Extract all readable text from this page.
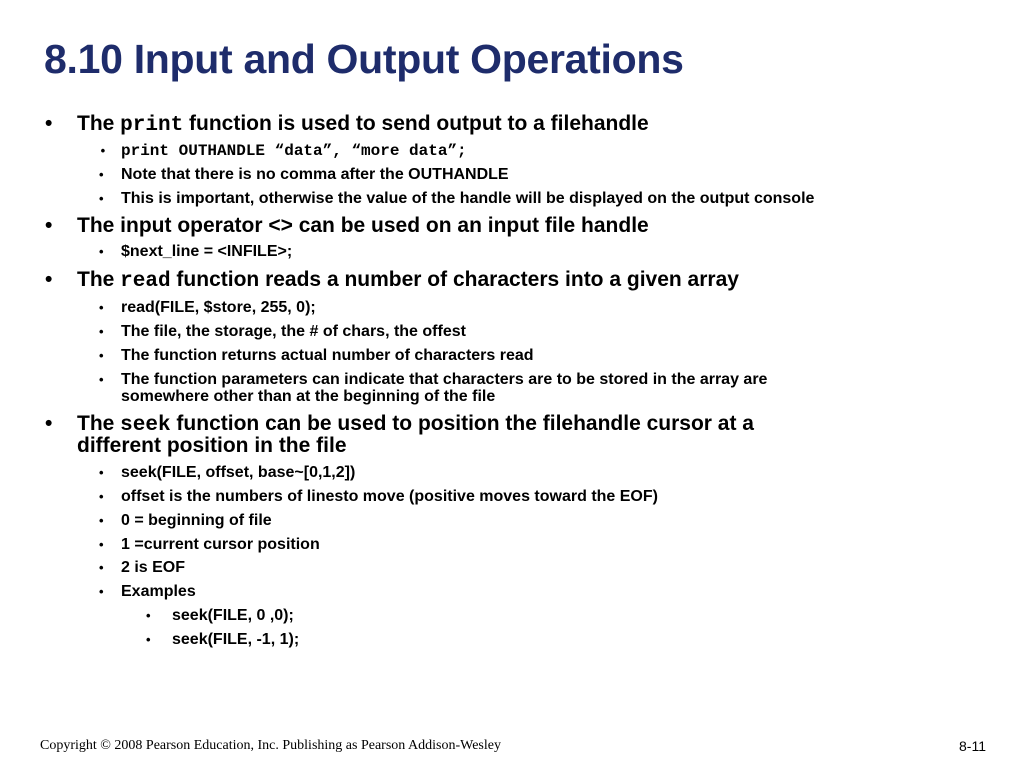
8.10 Input and Output Operations
• The print function is used to send output to a filehandle
• print OUTHANDLE “data”, “more data”;
• Note that there is no comma after the OUTHANDLE
• This is important, otherwise the value of the handle will be displayed on the output console
• The input operator <> can be used on an input file handle
• $next_line = <INFILE>;
• The read function reads a number of characters into a given array
• read(FILE, $store, 255, 0);
• The file, the storage, the # of chars, the offest
• The function returns actual number of characters read
• The function parameters can indicate that characters are to be stored in the array are
somewhere other than at the beginning of the file
• The seek function can be used to position the filehandle cursor at a
different position in the file
• seek(FILE, offset, base~[0,1,2])
• offset is the numbers of linesto move (positive moves toward the EOF)
• 0 = beginning of file
• 1 =current cursor position
• 2 is EOF
• Examples
• seek(FILE, 0 ,0);
• seek(FILE, -1, 1);
Copyright © 2008 Pearson Education, Inc. Publishing as Pearson Addison-Wesley	8-11
